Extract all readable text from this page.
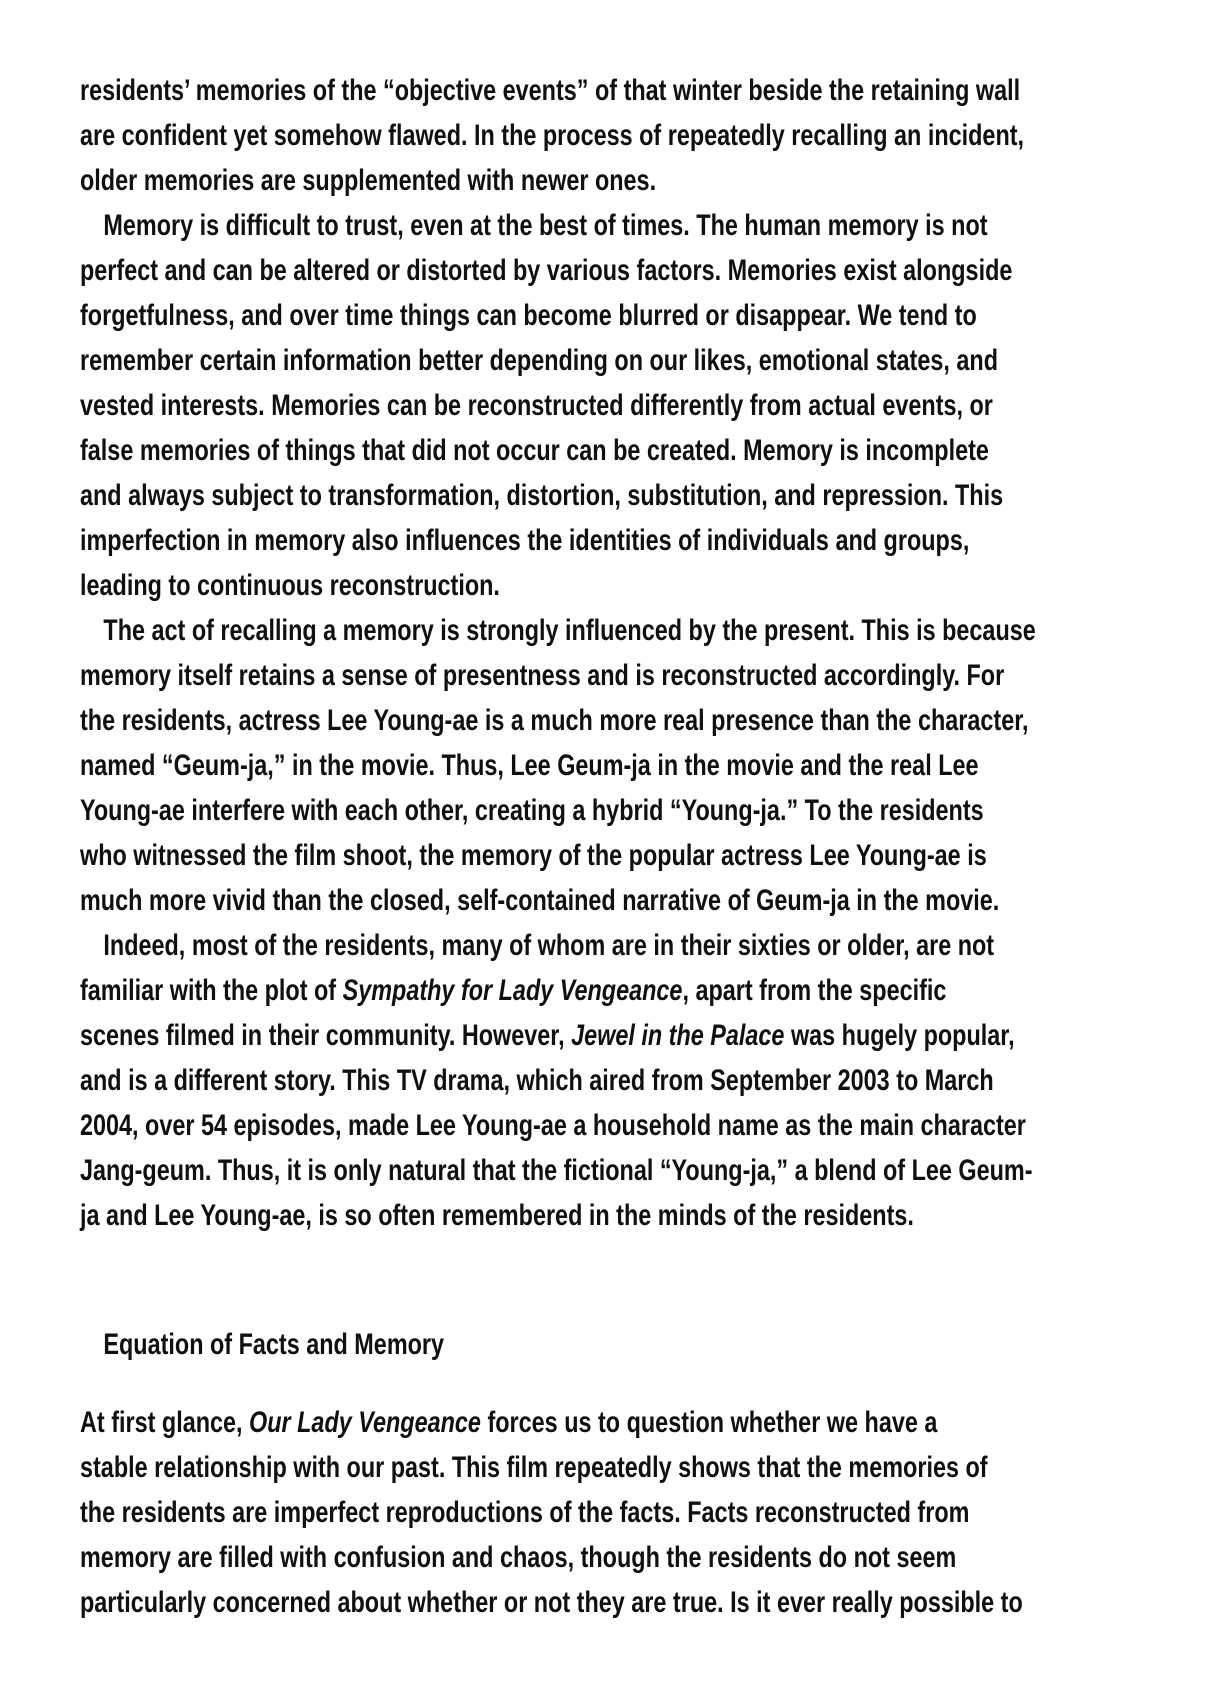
residents’ memories of the “objective events” of that winter beside the retaining wall
are confident yet somehow flawed. In the process of repeatedly recalling an incident,
older memories are supplemented with newer ones.
Memory is difficult to trust, even at the best of times. The human memory is not
perfect and can be altered or distorted by various factors. Memories exist alongside
forgetfulness, and over time things can become blurred or disappear. We tend to
remember certain information better depending on our likes, emotional states, and
vested interests. Memories can be reconstructed differently from actual events, or
false memories of things that did not occur can be created. Memory is incomplete
and always subject to transformation, distortion, substitution, and repression. This
imperfection in memory also influences the identities of individuals and groups,
leading to continuous reconstruction.
The act of recalling a memory is strongly influenced by the present. This is because
memory itself retains a sense of presentness and is reconstructed accordingly. For
the residents, actress Lee Young-ae is a much more real presence than the character,
named “Geum-ja,” in the movie. Thus, Lee Geum-ja in the movie and the real Lee
Young-ae interfere with each other, creating a hybrid “Young-ja.” To the residents
who witnessed the film shoot, the memory of the popular actress Lee Young-ae is
much more vivid than the closed, self-contained narrative of Geum-ja in the movie.
Indeed, most of the residents, many of whom are in their sixties or older, are not
familiar with the plot of Sympathy for Lady Vengeance, apart from the specific
scenes filmed in their community. However, Jewel in the Palace was hugely popular,
and is a different story. This TV drama, which aired from September 2003 to March
2004, over 54 episodes, made Lee Young-ae a household name as the main character
Jang-geum. Thus, it is only natural that the fictional “Young-ja,” a blend of Lee Geum-
ja and Lee Young-ae, is so often remembered in the minds of the residents.
Equation of Facts and Memory
At first glance, Our Lady Vengeance forces us to question whether we have a
stable relationship with our past. This film repeatedly shows that the memories of
the residents are imperfect reproductions of the facts. Facts reconstructed from
memory are filled with confusion and chaos, though the residents do not seem
particularly concerned about whether or not they are true. Is it ever really possible to
